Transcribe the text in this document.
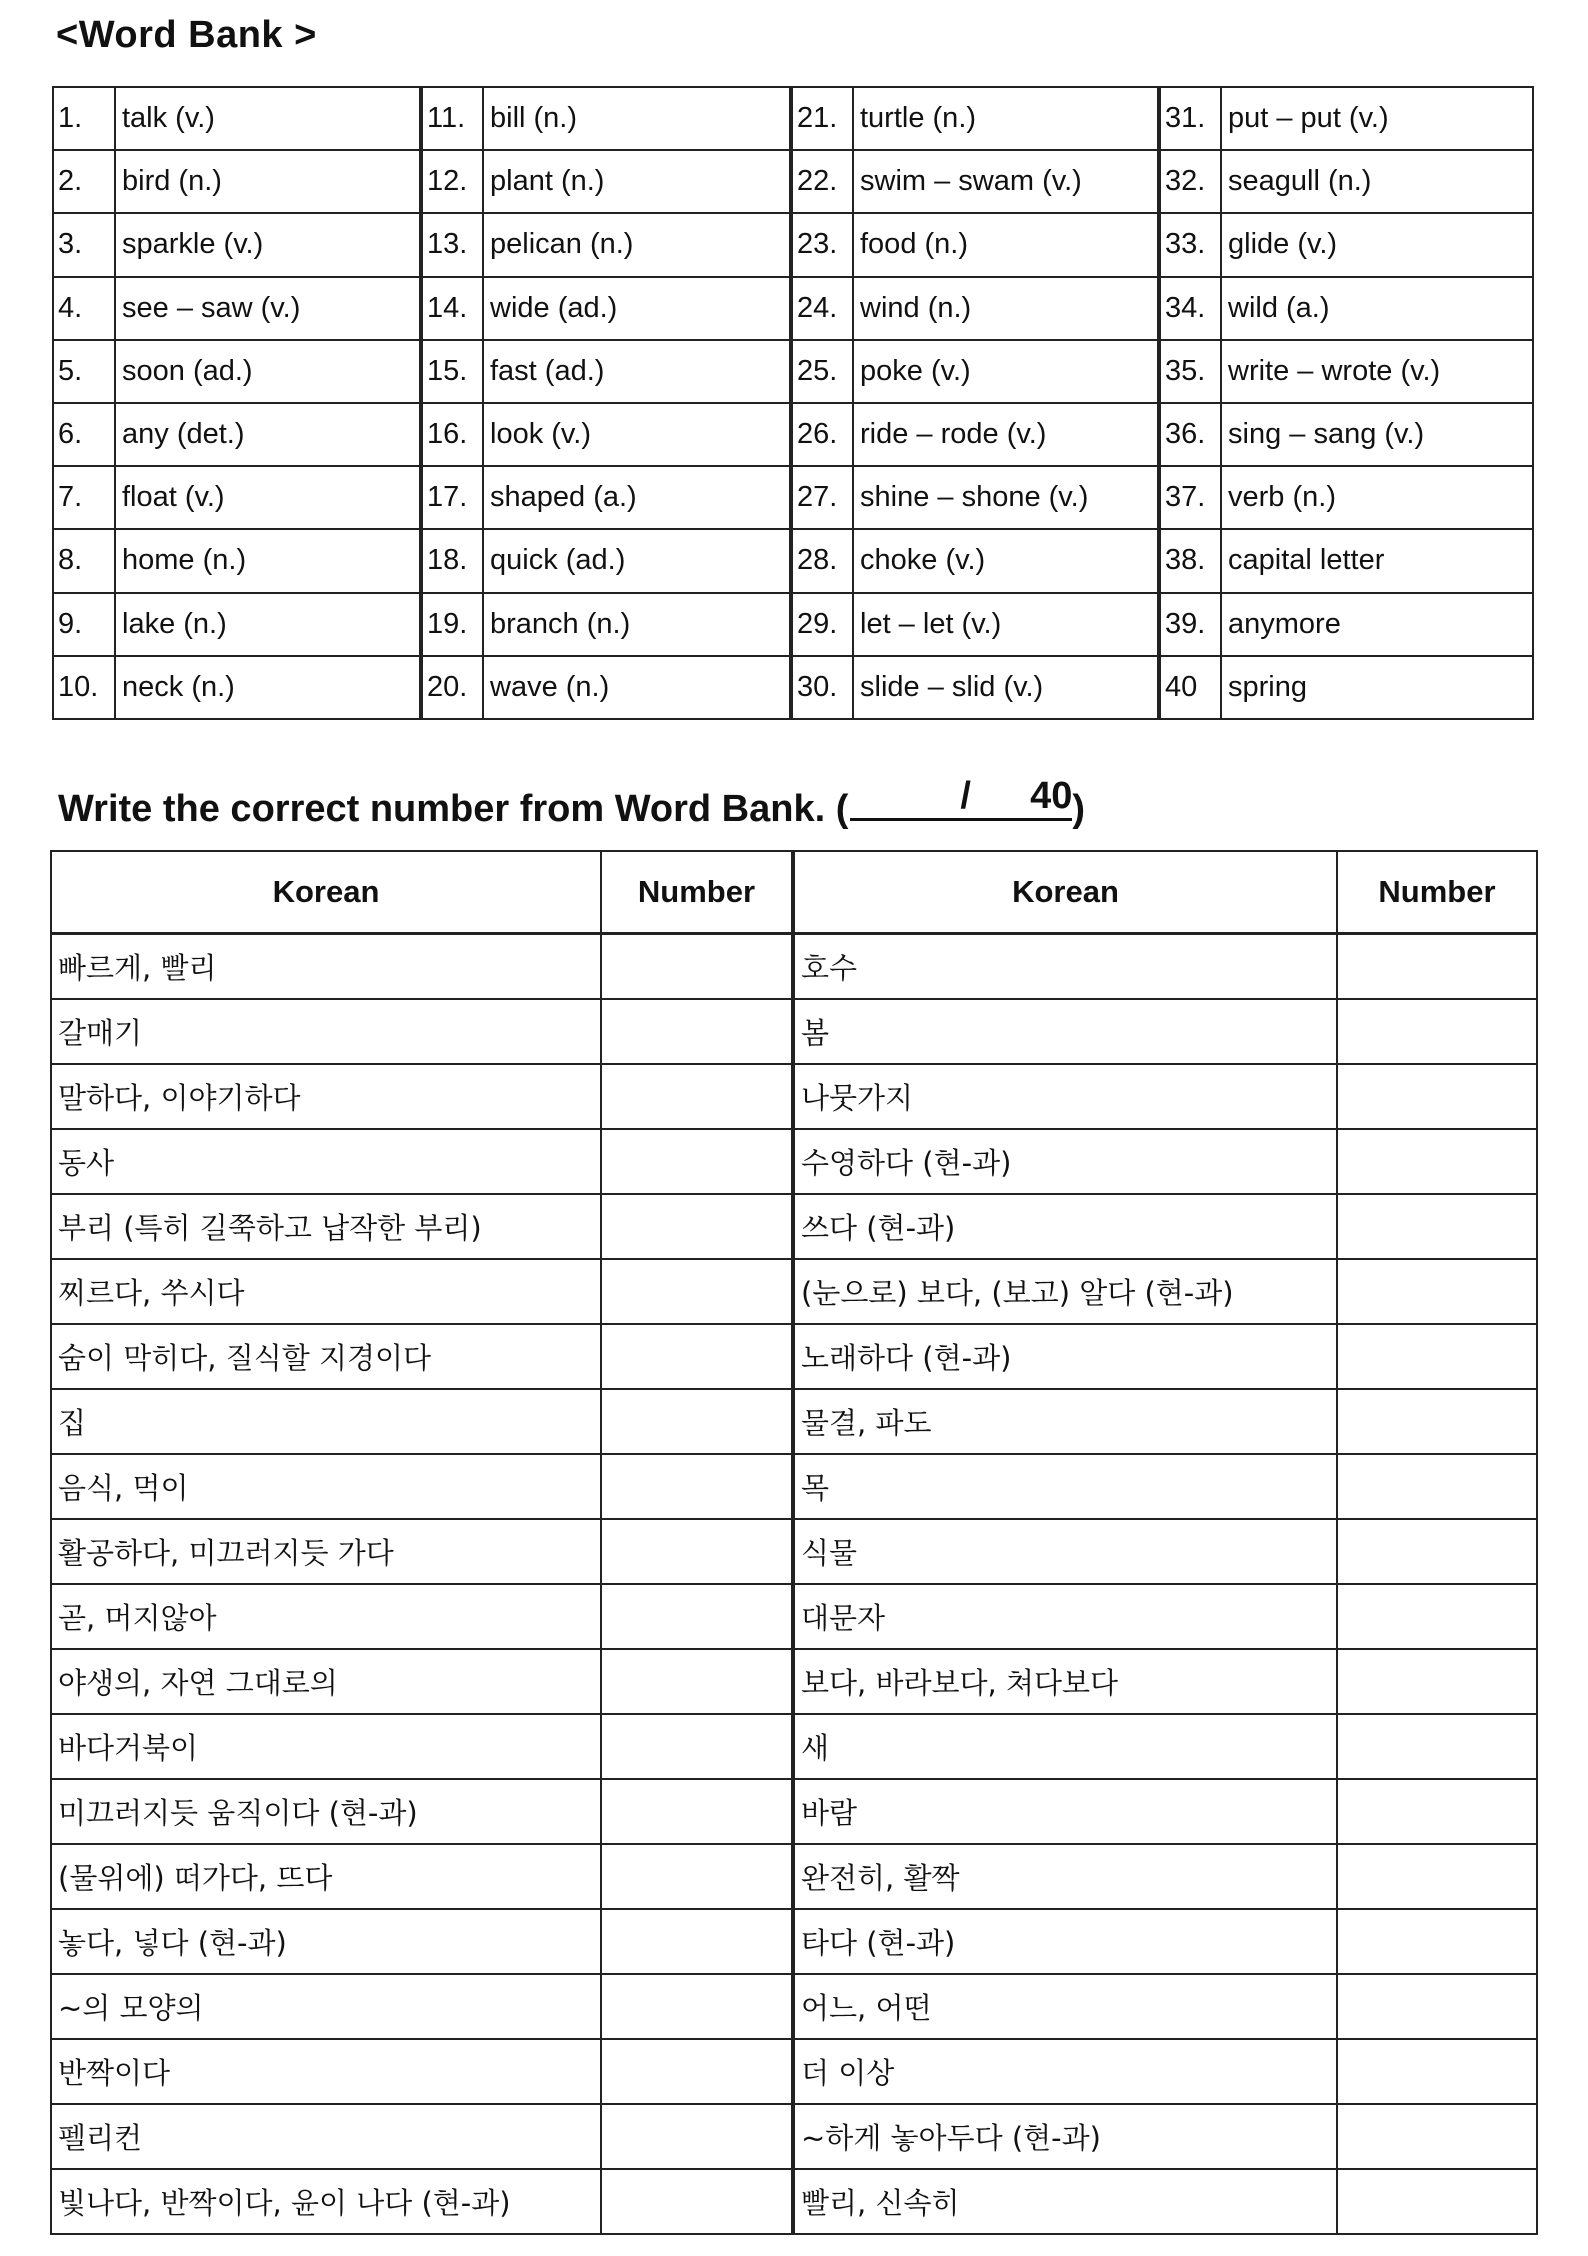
<Word Bank >
1.	talk (v.)	11.	bill (n.)	21.	turtle (n.)	31.	put – put (v.)
2.	bird (n.)	12.	plant (n.)	22.	swim – swam (v.)	32.	seagull (n.)
3.	sparkle (v.)	13.	pelican (n.)	23.	food (n.)	33.	glide (v.)
4.	see – saw (v.)	14.	wide (ad.)	24.	wind (n.)	34.	wild (a.)
5.	soon (ad.)	15.	fast (ad.)	25.	poke (v.)	35.	write – wrote (v.)
6.	any (det.)	16.	look (v.)	26.	ride – rode (v.)	36.	sing – sang (v.)
7.	float (v.)	17.	shaped (a.)	27.	shine – shone (v.)	37.	verb (n.)
8.	home (n.)	18.	quick (ad.)	28.	choke (v.)	38.	capital letter
9.	lake (n.)	19.	branch (n.)	29.	let – let (v.)	39.	anymore
10.	neck (n.)	20.	wave (n.)	30.	slide – slid (v.)	40	spring
Write the correct number from Word Bank. (	/ 40 )
Korean	Number	Korean	Number
빠르게, 빨리		호수	
갈매기		봄	
말하다, 이야기하다		나뭇가지	
동사		수영하다 (현-과)	
부리 (특히 길쭉하고 납작한 부리)		쓰다 (현-과)	
찌르다, 쑤시다		(눈으로) 보다, (보고) 알다 (현-과)	
숨이 막히다, 질식할 지경이다		노래하다 (현-과)	
집		물결, 파도	
음식, 먹이		목	
활공하다, 미끄러지듯 가다		식물	
곧, 머지않아		대문자	
야생의, 자연 그대로의		보다, 바라보다, 쳐다보다	
바다거북이		새	
미끄러지듯 움직이다 (현-과)		바람	
(물위에) 떠가다, 뜨다		완전히, 활짝	
놓다, 넣다 (현-과)		타다 (현-과)	
~의 모양의		어느, 어떤	
반짝이다		더 이상	
펠리컨		~하게 놓아두다 (현-과)	
빛나다, 반짝이다, 윤이 나다 (현-과)		빨리, 신속히	
